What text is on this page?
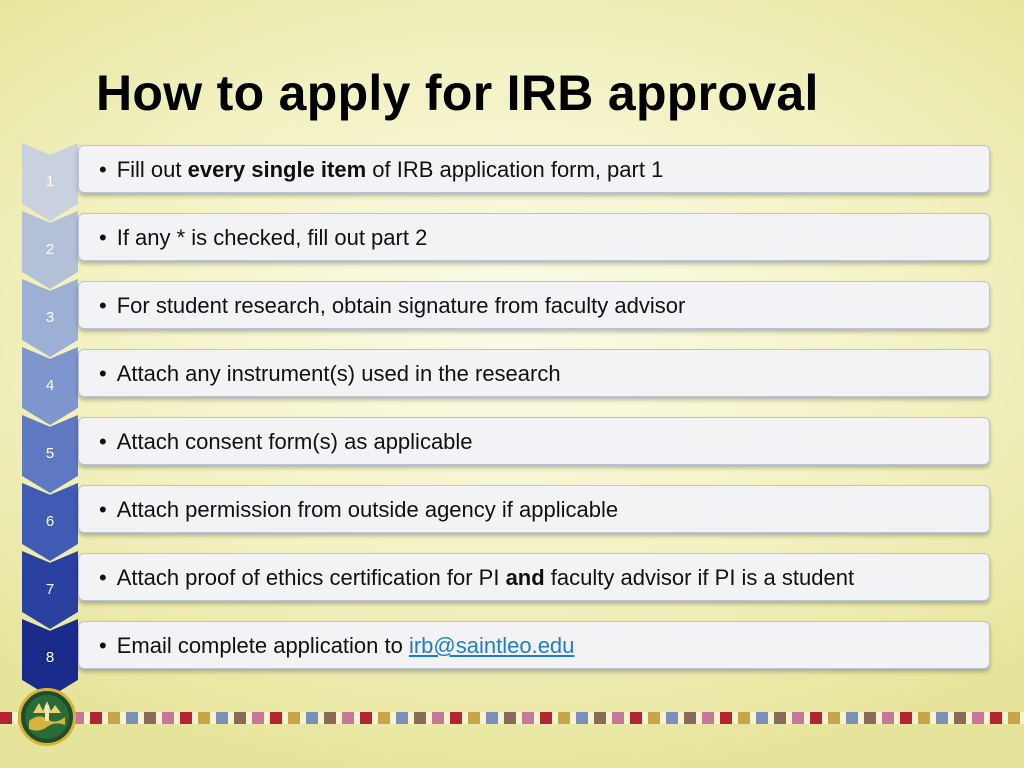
How to apply for IRB approval
1	• Fill out every single item of IRB application form, part 1
2	• If any * is checked, fill out part 2
3	• For student research, obtain signature from faculty advisor
4	• Attach any instrument(s) used in the research
5	• Attach consent form(s) as applicable
6	• Attach permission from outside agency if applicable
7	• Attach proof of ethics certification for PI and faculty advisor if PI is a student
8	• Email complete application to irb@saintleo.edu
